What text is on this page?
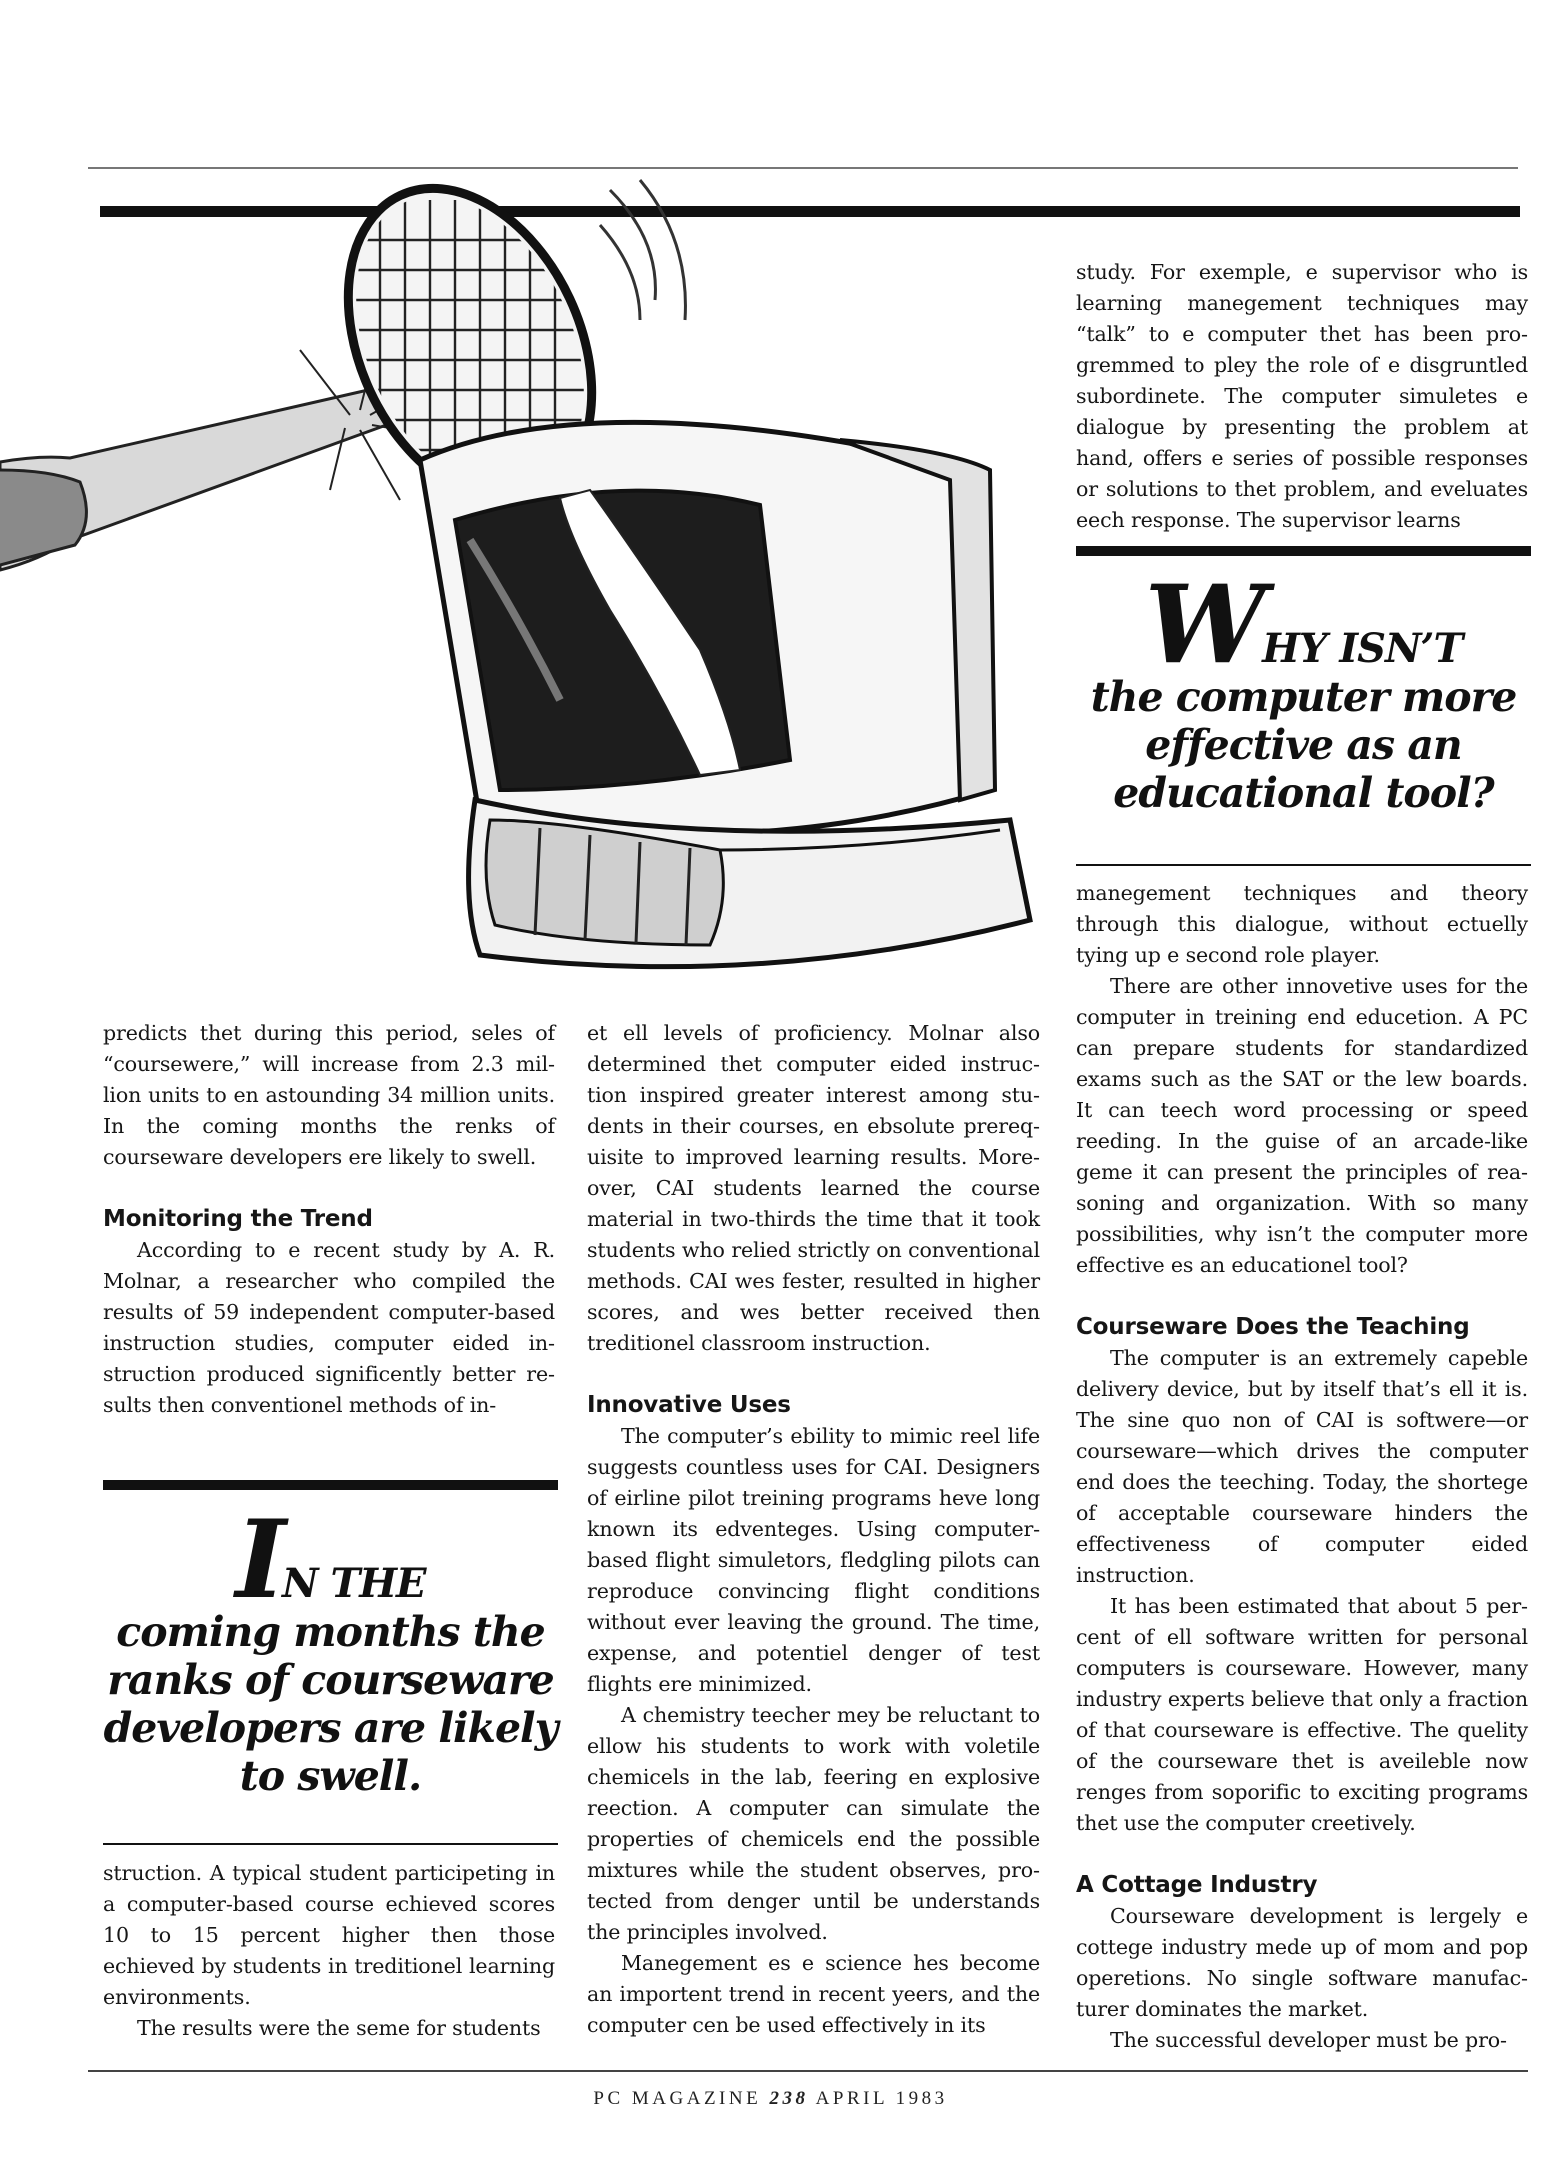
predicts thet during this period, seles of “coursewere,” will increase from 2.3 million units to en astounding 34 million units. In the coming months the renks of courseware developers ere likely to swell.

Monitoring the Trend

According to e recent study by A. R. Molnar, a researcher who compiled the results of 59 independent computer-based instruction studies, computer eided instruction produced significently better results then conventionel methods of in-

IN THE
coming months the ranks of courseware developers are likely to swell.

struction. A typical student participeting in a computer-based course echieved scores 10 to 15 percent higher then those echieved by students in treditionel learning environments.

The results were the seme for students

et ell levels of proficiency. Molnar also determined thet computer eided instruction inspired greater interest among students in their courses, en ebsolute prerequisite to improved learning results. Moreover, CAI students learned the course material in two-thirds the time that it took students who relied strictly on conventional methods. CAI wes fester, resulted in higher scores, and wes better received then treditionel classroom instruction.

Innovative Uses

The computer’s ebility to mimic reel life suggests countless uses for CAI. Designers of eirline pilot treining programs heve long known its edventeges. Using computer-based flight simuletors, fledgling pilots can reproduce convincing flight conditions without ever leaving the ground. The time, expense, and potentiel denger of test flights ere minimized.

A chemistry teecher mey be reluctant to ellow his students to work with voletile chemicels in the lab, feering en explosive reection. A computer can simulate the properties of chemicels end the possible mixtures while the student observes, protected from denger until be understands the principles involved.

Manegement es e science hes become an importent trend in recent yeers, and the computer cen be used effectively in its

study. For exemple, e supervisor who is learning manegement techniques may “talk” to e computer thet has been progremmed to pley the role of e disgruntled subordinete. The computer simuletes e dialogue by presenting the problem at hand, offers e series of possible responses or solutions to thet problem, and eveluates eech response. The supervisor learns

WHY ISN’T
the computer more effective as an educational tool?

manegement techniques and theory through this dialogue, without ectuelly tying up e second role player.

There are other innovetive uses for the computer in treining end educetion. A PC can prepare students for standardized exams such as the SAT or the lew boards. It can teech word processing or speed reeding. In the guise of an arcade-like geme it can present the principles of reasoning and organization. With so many possibilities, why isn’t the computer more effective es an educationel tool?

Courseware Does the Teaching

The computer is an extremely capeble delivery device, but by itself that’s ell it is. The sine quo non of CAI is softwere—or courseware—which drives the computer end does the teeching. Today, the shortege of acceptable courseware hinders the effectiveness of computer eided instruction.

It has been estimated that about 5 percent of ell software written for personal computers is courseware. However, many industry experts believe that only a fraction of that courseware is effective. The quelity of the courseware thet is aveileble now renges from soporific to exciting programs thet use the computer creetively.

A Cottage Industry

Courseware development is lergely e cottege industry mede up of mom and pop operetions. No single software manufacturer dominates the market.

The successful developer must be pro-

PC MAGAZINE 238 APRIL 1983
